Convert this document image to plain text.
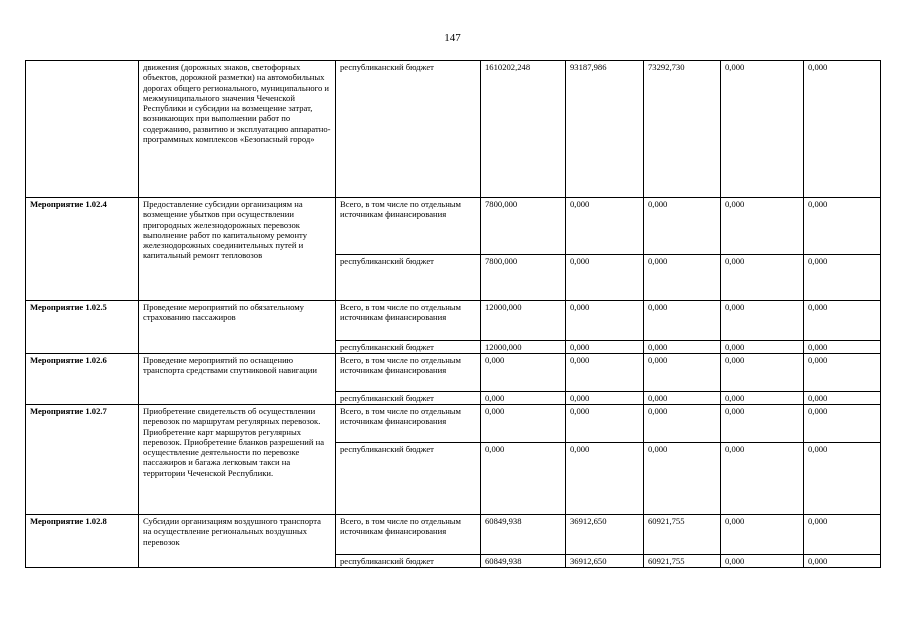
147
	движения (дорожных знаков, светофорных объектов, дорожной разметки) на автомобильных дорогах общего регионального, муниципального и межмуниципального значения Чеченской Республики и субсидии на возмещение затрат, возникающих при выполнении работ по содержанию, развитию и эксплуатацию аппаратно-программных комплексов «Безопасный город»	республиканский бюджет	1610202,248	93187,986	73292,730	0,000	0,000
Мероприятие 1.02.4	Предоставление субсидии организациям на возмещение убытков при осуществлении пригородных железнодорожных перевозок выполнение работ по капитальному ремонту железнодорожных соединительных путей и капитальный ремонт тепловозов	Всего, в том числе по отдельным источникам финансирования	7800,000	0,000	0,000	0,000	0,000
		республиканский бюджет	7800,000	0,000	0,000	0,000	0,000
Мероприятие 1.02.5	Проведение мероприятий по обязательному страхованию пассажиров	Всего, в том числе по отдельным источникам финансирования	12000,000	0,000	0,000	0,000	0,000
		республиканский бюджет	12000,000	0,000	0,000	0,000	0,000
Мероприятие 1.02.6	Проведение мероприятий по оснащению транспорта средствами спутниковой навигации	Всего, в том числе по отдельным источникам финансирования	0,000	0,000	0,000	0,000	0,000
		республиканский бюджет	0,000	0,000	0,000	0,000	0,000
Мероприятие 1.02.7	Приобретение свидетельств об осуществлении перевозок по маршрутам регулярных перевозок. Приобретение карт маршрутов регулярных перевозок. Приобретение бланков разрешений на осуществление деятельности по перевозке пассажиров и багажа легковым такси на территории Чеченской Республики.	Всего, в том числе по отдельным источникам финансирования	0,000	0,000	0,000	0,000	0,000
		республиканский бюджет	0,000	0,000	0,000	0,000	0,000
Мероприятие 1.02.8	Субсидии организациям воздушного транспорта на осуществление региональных воздушных перевозок	Всего, в том числе по отдельным источникам финансирования	60849,938	36912,650	60921,755	0,000	0,000
		республиканский бюджет	60849,938	36912,650	60921,755	0,000	0,000
